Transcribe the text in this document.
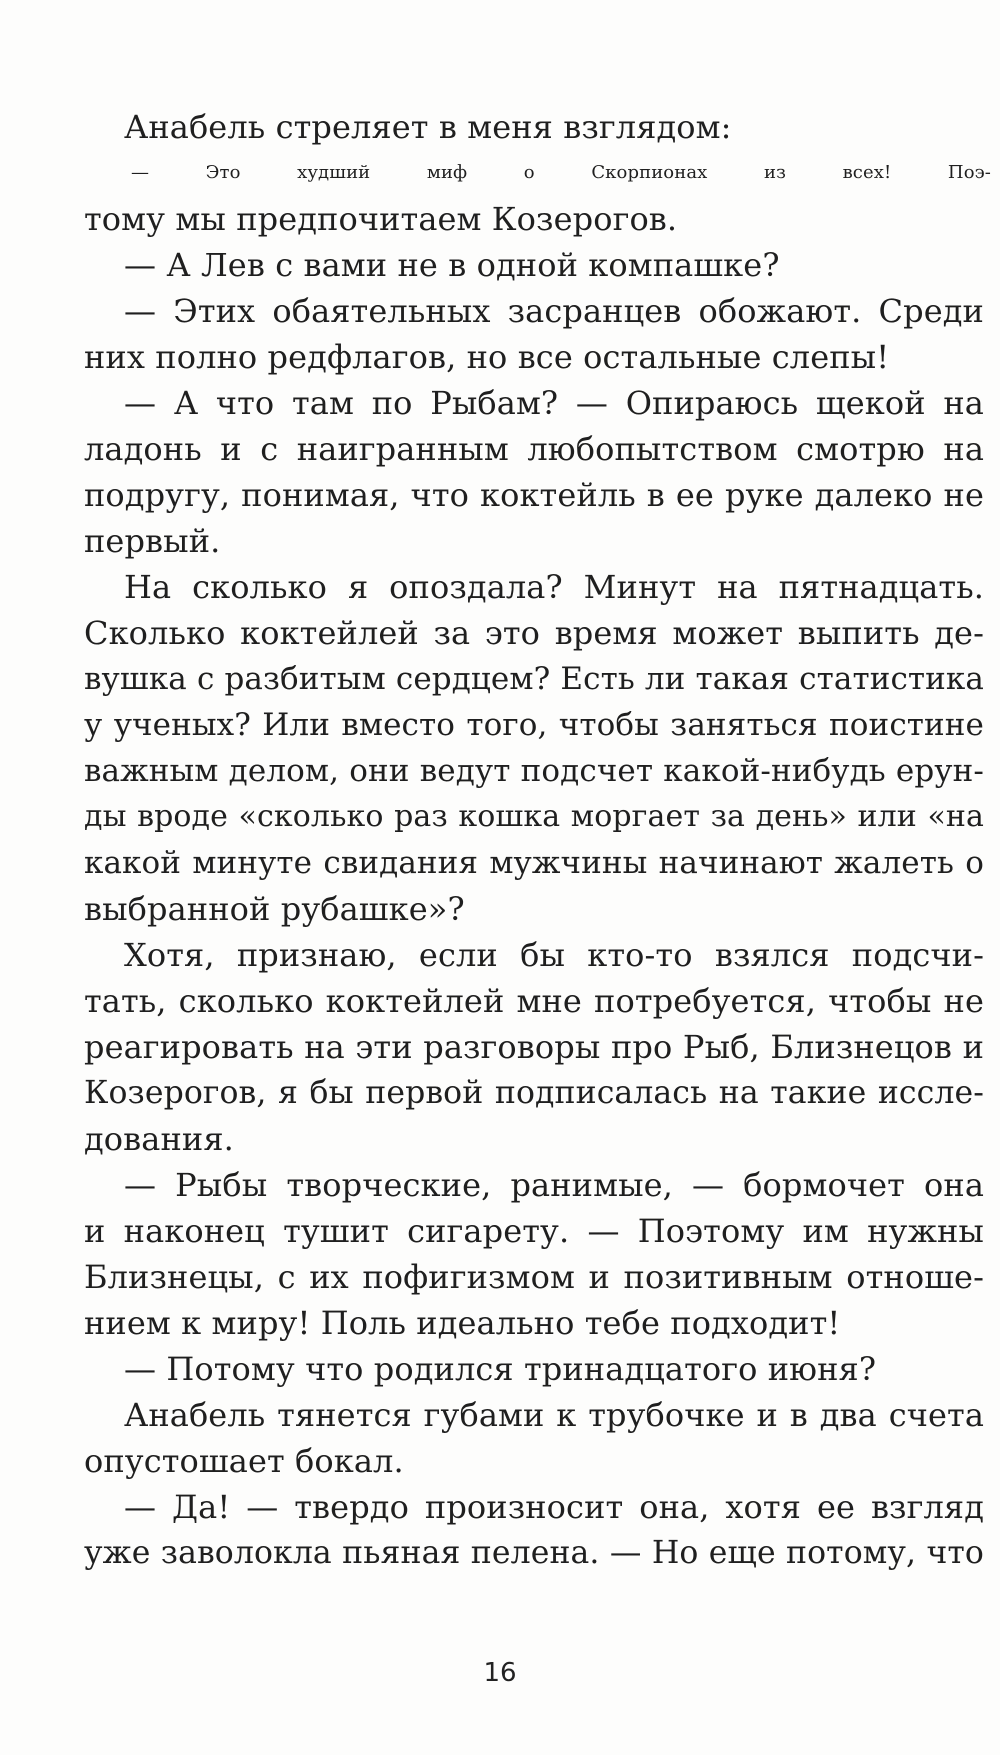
Анабель стреляет в меня взглядом:
— Это худший миф о Скорпионах из всех! Поэ-
тому мы предпочитаем Козерогов.
— А Лев с вами не в одной компашке?
— Этих обаятельных засранцев обожают. Среди
них полно редфлагов, но все остальные слепы!
— А что там по Рыбам? — Опираюсь щекой на
ладонь и с наигранным любопытством смотрю на
подругу, понимая, что коктейль в ее руке далеко не
первый.
На сколько я опоздала? Минут на пятнадцать.
Сколько коктейлей за это время может выпить де-
вушка с разбитым сердцем? Есть ли такая статистика
у ученых? Или вместо того, чтобы заняться поистине
важным делом, они ведут подсчет какой-нибудь ерун-
ды вроде «сколько раз кошка моргает за день» или «на
какой минуте свидания мужчины начинают жалеть о
выбранной рубашке»?
Хотя, признаю, если бы кто-то взялся подсчи-
тать, сколько коктейлей мне потребуется, чтобы не
реагировать на эти разговоры про Рыб, Близнецов и
Козерогов, я бы первой подписалась на такие иссле-
дования.
— Рыбы творческие, ранимые, — бормочет она
и наконец тушит сигарету. — Поэтому им нужны
Близнецы, с их пофигизмом и позитивным отноше-
нием к миру! Поль идеально тебе подходит!
— Потому что родился тринадцатого июня?
Анабель тянется губами к трубочке и в два счета
опустошает бокал.
— Да! — твердо произносит она, хотя ее взгляд
уже заволокла пьяная пелена. — Но еще потому, что
16
